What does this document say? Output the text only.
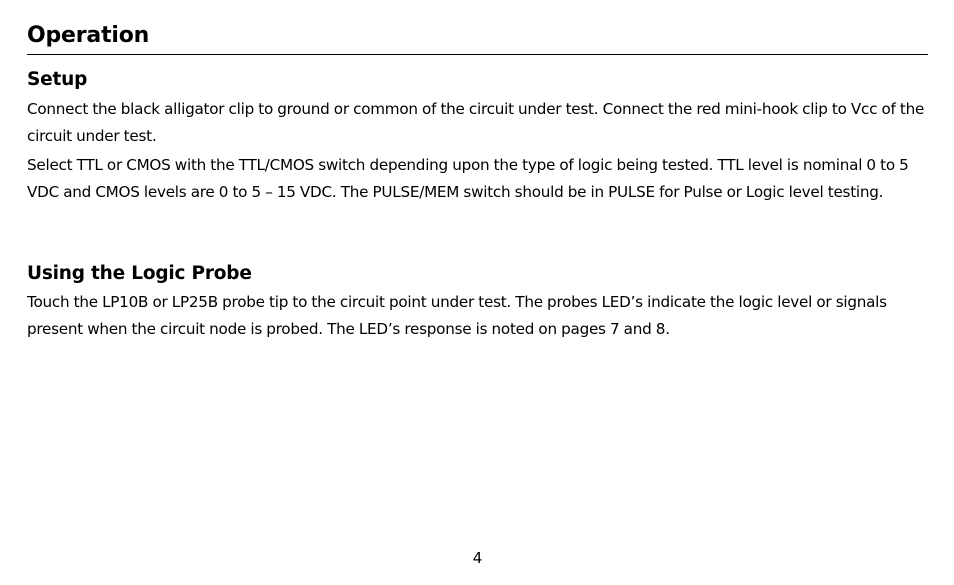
Operation
Setup

Connect the black alligator clip to ground or common of the circuit under test. Connect the red mini-hook clip to Vcc of the circuit under test.

Select TTL or CMOS with the TTL/CMOS switch depending upon the type of logic being tested. TTL level is nominal 0 to 5 VDC and CMOS levels are 0 to 5 – 15 VDC. The PULSE/MEM switch should be in PULSE for Pulse or Logic level testing.

Using the Logic Probe

Touch the LP10B or LP25B probe tip to the circuit point under test. The probes LED’s indicate the logic level or signals present when the circuit node is probed. The LED’s response is noted on pages 7 and 8.

4
